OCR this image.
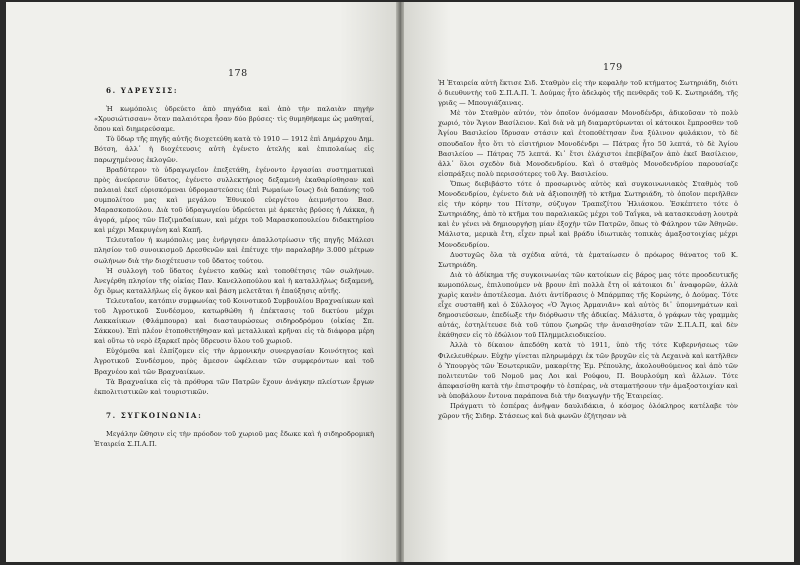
178

6. ΥΔΡΕΥΣΙΣ:

Ἡ κωμόπολις ὑδρεύετο ἀπὸ πηγάδια καὶ ἀπὸ τὴν παλαιὰν πηγὴν «Χρυσιώτισσαν» ὅταν παλαιότερα ἦσαν δύο βρύσες· τὶς θυμηθήκαμε ὡς μαθηταί, ὅπου καὶ διημερεύσαμε.

Τὸ ὕδωρ τῆς πηγῆς αὐτῆς διοχετεύθη κατὰ τὸ 1910 — 1912 ἐπὶ Δημάρχου Δημ. Βότση, ἀλλ᾽ ἡ διοχέτευσις αὐτὴ ἐγένετο ἀτελὴς καὶ ἐπιπολαίως εἰς παρωχημένους ἐκλογῶν.

Βραδύτερον τὸ ὑδραγωγεῖον ἐπεξετάθη, ἐγένοντο ἐργασίαι συστηματικαὶ πρὸς ἀνεύρεσιν ὕδατος, ἐγένετο συλλεκτήριος δεξαμενὴ ἐκαθαρίσθησαν καὶ παλαιαὶ ἐκεῖ εὑρισκόμεναι ὑδρομαστεύσεις (ἐπὶ Ρωμαίων ἴσως) διὰ δαπάνης τοῦ συμπολίτου μας καὶ μεγάλου Ἐθνικοῦ εὐεργέτου ἀειμνήστου Βασ. Μαρασκοπούλου. Διὰ τοῦ ὑδραγωγείου ὑδρεύεται μὲ ἀρκετὰς βρύσες ἡ Λάκκα, ἡ ἀγορά, μέρος τῶν Πεζιμαδαίικων, καὶ μέχρι τοῦ Μαρασκοπουλείου διδακτηρίου καὶ μέχρι Μακρυγένη καὶ Καπῆ.

Τελευταῖον ἡ κωμόπολις μας ἐνήργησεν ἀπαλλοτρίωσιν τῆς πηγῆς Μάλεσι πλησίον τοῦ συνοικισμοῦ Δρεσθενῶν καὶ ἐπέτυχε τὴν παραλαβὴν 3.000 μέτρων σωλήνων διὰ τὴν διοχέτευσιν τοῦ ὕδατος τούτου.

Ἡ συλλογὴ τοῦ ὕδατος ἐγένετο καθὼς καὶ τοποθέτησις τῶν σωλήνων. Ἀνεγέρθη πλησίον τῆς οἰκίας Παν. Κανελλοπούλου καὶ ἡ καταλλήλως δεξαμενή, ὄχι ὅμως καταλλήλως εἰς ὄγκον καὶ βάση μελετᾶται ἡ ἐπαύξησις αὐτῆς.

Τελευταῖον, κατόπιν συμφωνίας τοῦ Κοινοτικοῦ Συμβουλίου Βραχναίικων καὶ τοῦ Ἀγροτικοῦ Συνδέσμου, κατωρθώθη ἡ ἐπέκτασις τοῦ δικτύου μέχρι Λακκαίικων (Φλάμπουρα) καὶ διασταυρώσεως σιδηροδρόμου (οἰκίας Σπ. Σάκκου). Ἐπὶ πλέον ἐτοποθετήθησαν καὶ μεταλλικαὶ κρῆναι εἰς τὰ διάφορα μέρη καὶ οὕτω τὸ νερὸ ἐξαρκεῖ πρὸς ὕδρευσιν ὅλου τοῦ χωριοῦ.

Εὐχόμεθα καὶ ἐλπίζομεν εἰς τὴν ἁρμονικὴν συνεργασίαν Κοινότητος καὶ Ἀγροτικοῦ Συνδέσμου, πρὸς ἄμεσον ὠφέλειαν τῶν συμφερόντων καὶ τοῦ Βραχνέου καὶ τῶν Βραχναιίκων.

Τὰ Βραχναίικα εἰς τὰ πρόθυρα τῶν Πατρῶν ἔχουν ἀνάγκην πλείστων ἔργων ἐκπολιτιστικῶν καὶ τουριστικῶν.

7. ΣΥΓΚΟΙΝΩΝΙΑ:

Μεγάλην ὤθησιν εἰς τὴν πρόοδον τοῦ χωριοῦ μας ἔδωκε καὶ ἡ σιδηροδρομικὴ Ἑταιρεία Σ.Π.Α.Π.

179

Ἡ Ἑταιρεία αὐτὴ ἔκτισε Σιδ. Σταθμὸν εἰς τὴν κεφαλὴν τοῦ κτήματος Σωτηριάδη, διότι ὁ διευθυντὴς τοῦ Σ.Π.Α.Π. Ἰ. Δούμας ἦτο ἀδελφὸς τῆς πενθερᾶς τοῦ Κ. Σωτηριάδη, τῆς γριᾶς — Μπουγιάζαινας.

Μὲ τὸν Σταθμὸν αὐτόν, τὸν ὁποῖον ὀνόμασαν Μονοδένδρι, ἀδικοῦσαν τὸ πολὺ χωριό, τὸν Ἅγιον Βασίλειον. Καὶ διὰ νὰ μὴ διαμαρτύρωνται οἱ κάτοικοι ἔμπροσθεν τοῦ Ἁγίου Βασιλείου ἵδρυσαν στάσιν καὶ ἐτοποθέτησαν ἕνα ξύλινον φυλάκιον, τὸ δὲ σπουδαῖον ἦτο ὅτι τὸ εἰσιτήριον Μονοδένδρι — Πάτρας ἦτο 50 λεπτά, τὸ δὲ Ἁγίου Βασιλείου — Πάτρας 75 λεπτά. Κι᾽ ἔτσι ἐλάχιστοι ἐπεβίβαζον ἀπὸ ἐκεῖ Βασίλειον, ἀλλ᾽ ὅλοι σχεδὸν διὰ Μονοδενδρίου. Καὶ ὁ σταθμὸς Μονοδενδρίου παρουσίαζε εἰσπράξεις πολὺ περισσότερες τοῦ Ἁγ. Βασιλείου.

Ὅπως διεβιβάστο τότε ὁ προσωρινὸς αὐτὸς καὶ συγκοινωνιακὸς Σταθμὸς τοῦ Μονοδενδρίου, ἐγένετο διὰ νὰ ἀξιοποιηθῇ τὸ κτῆμα Σωτηριάδη, τὸ ὁποῖον περιῆλθεν εἰς τὴν κόρην του Πίτσην, σύζυγον Τραπεζίτου Ἠλιάσκου. Ἐσκέπτετο τότε ὁ Σωτηριάδης, ἀπὸ τὸ κτῆμα του παραλιακῶς μέχρι τοῦ Ταΐγκα, νὰ κατασκευάσῃ λουτρὰ καὶ ἐν γένει νὰ δημιουργήσῃ μίαν ἐξοχὴν τῶν Πατρῶν, ὅπως τὸ Φάληρον τῶν Ἀθηνῶν. Μάλιστα, μερικὰ ἔτη, εἶχεν πρωῒ καὶ βράδυ ἰδιωτικὰς τοπικὰς ἁμαξοστοιχίας μέχρι Μονοδενδρίου.

Δυστυχῶς ὅλα τὰ σχέδια αὐτά, τὰ ἐματαίωσεν ὁ πρόωρος θάνατος τοῦ Κ. Σωτηριάδη.

Διὰ τὸ ἀδίκημα τῆς συγκοινωνίας τῶν κατοίκων εἰς βάρος μας τότε προοδευτικῆς κωμοπόλεως, ἐπιλυπούμεν νὰ βρουν ἐπὶ πολλὰ ἔτη οἱ κάτοικοι δι᾽ ἀναφορῶν, ἀλλὰ χωρὶς κανὲν ἀποτέλεσμα. Διότι ἀντίδρασις ὁ Μπάρμπας τῆς Κορώνης, ὁ Δούμας. Τότε εἶχε συσταθῆ καὶ ὁ Σύλλογος «Ὁ Ἅγιος Ἀρμανιᾶν» καὶ αὐτὸς δι᾽ ὑπομνημάτων καὶ δημοσιεύσεων, ἐπεδίωξε τὴν διόρθωσιν τῆς ἀδικίας. Μάλιστα, ὁ γράφων τὰς γραμμὰς αὐτάς, ἐστηλίτευσε διὰ τοῦ τύπου ζωηρῶς τὴν ἀναισθησίαν τῶν Σ.Π.Α.Π, καὶ δὲν ἐκάθησεν εἰς τὸ ἑδώλιον τοῦ Πλημμελειοδικείου.

Ἀλλὰ τὸ δίκαιον ἀπεδόθη κατὰ τὸ 1911, ὑπὸ τῆς τότε Κυβερνήσεως τῶν Φιλελευθέρων. Εὐχὴν γίνεται πληρωμάρχι ἐκ τῶν βρυχῶν εἰς τὰ Λεχαινὰ καὶ κατῆλθεν ὁ Ὑπουργὸς τῶν Ἐσωτερικῶν, μακαρίτης Ἐμ. Ρέπουλης, ἀκολουθούμενος καὶ ἀπὸ τῶν πολιτευτῶν τοῦ Νομοῦ μας Λοι καὶ Ρούφου, Π. Βουρλούμη καὶ ἄλλων. Τότε ἀπεφασίσθη κατὰ τὴν ἐπιστροφὴν τὸ ἑσπέρας, νὰ σταματήσουν τὴν ἁμαξοστοιχίαν καὶ νὰ ὑποβάλουν ἔντονα παράπονα διὰ τὴν διαγωγὴν τῆς Ἑταιρείας.

Πράγματι τὸ ἑσπέρας ἀνῆψαν δαυλιδάκια, ὁ κόσμος ὁλόκληρος κατέλαβε τὸν χῶρον τῆς Σιδηρ. Στάσεως καὶ διὰ φωνῶν ἐζήτησαν νὰ
